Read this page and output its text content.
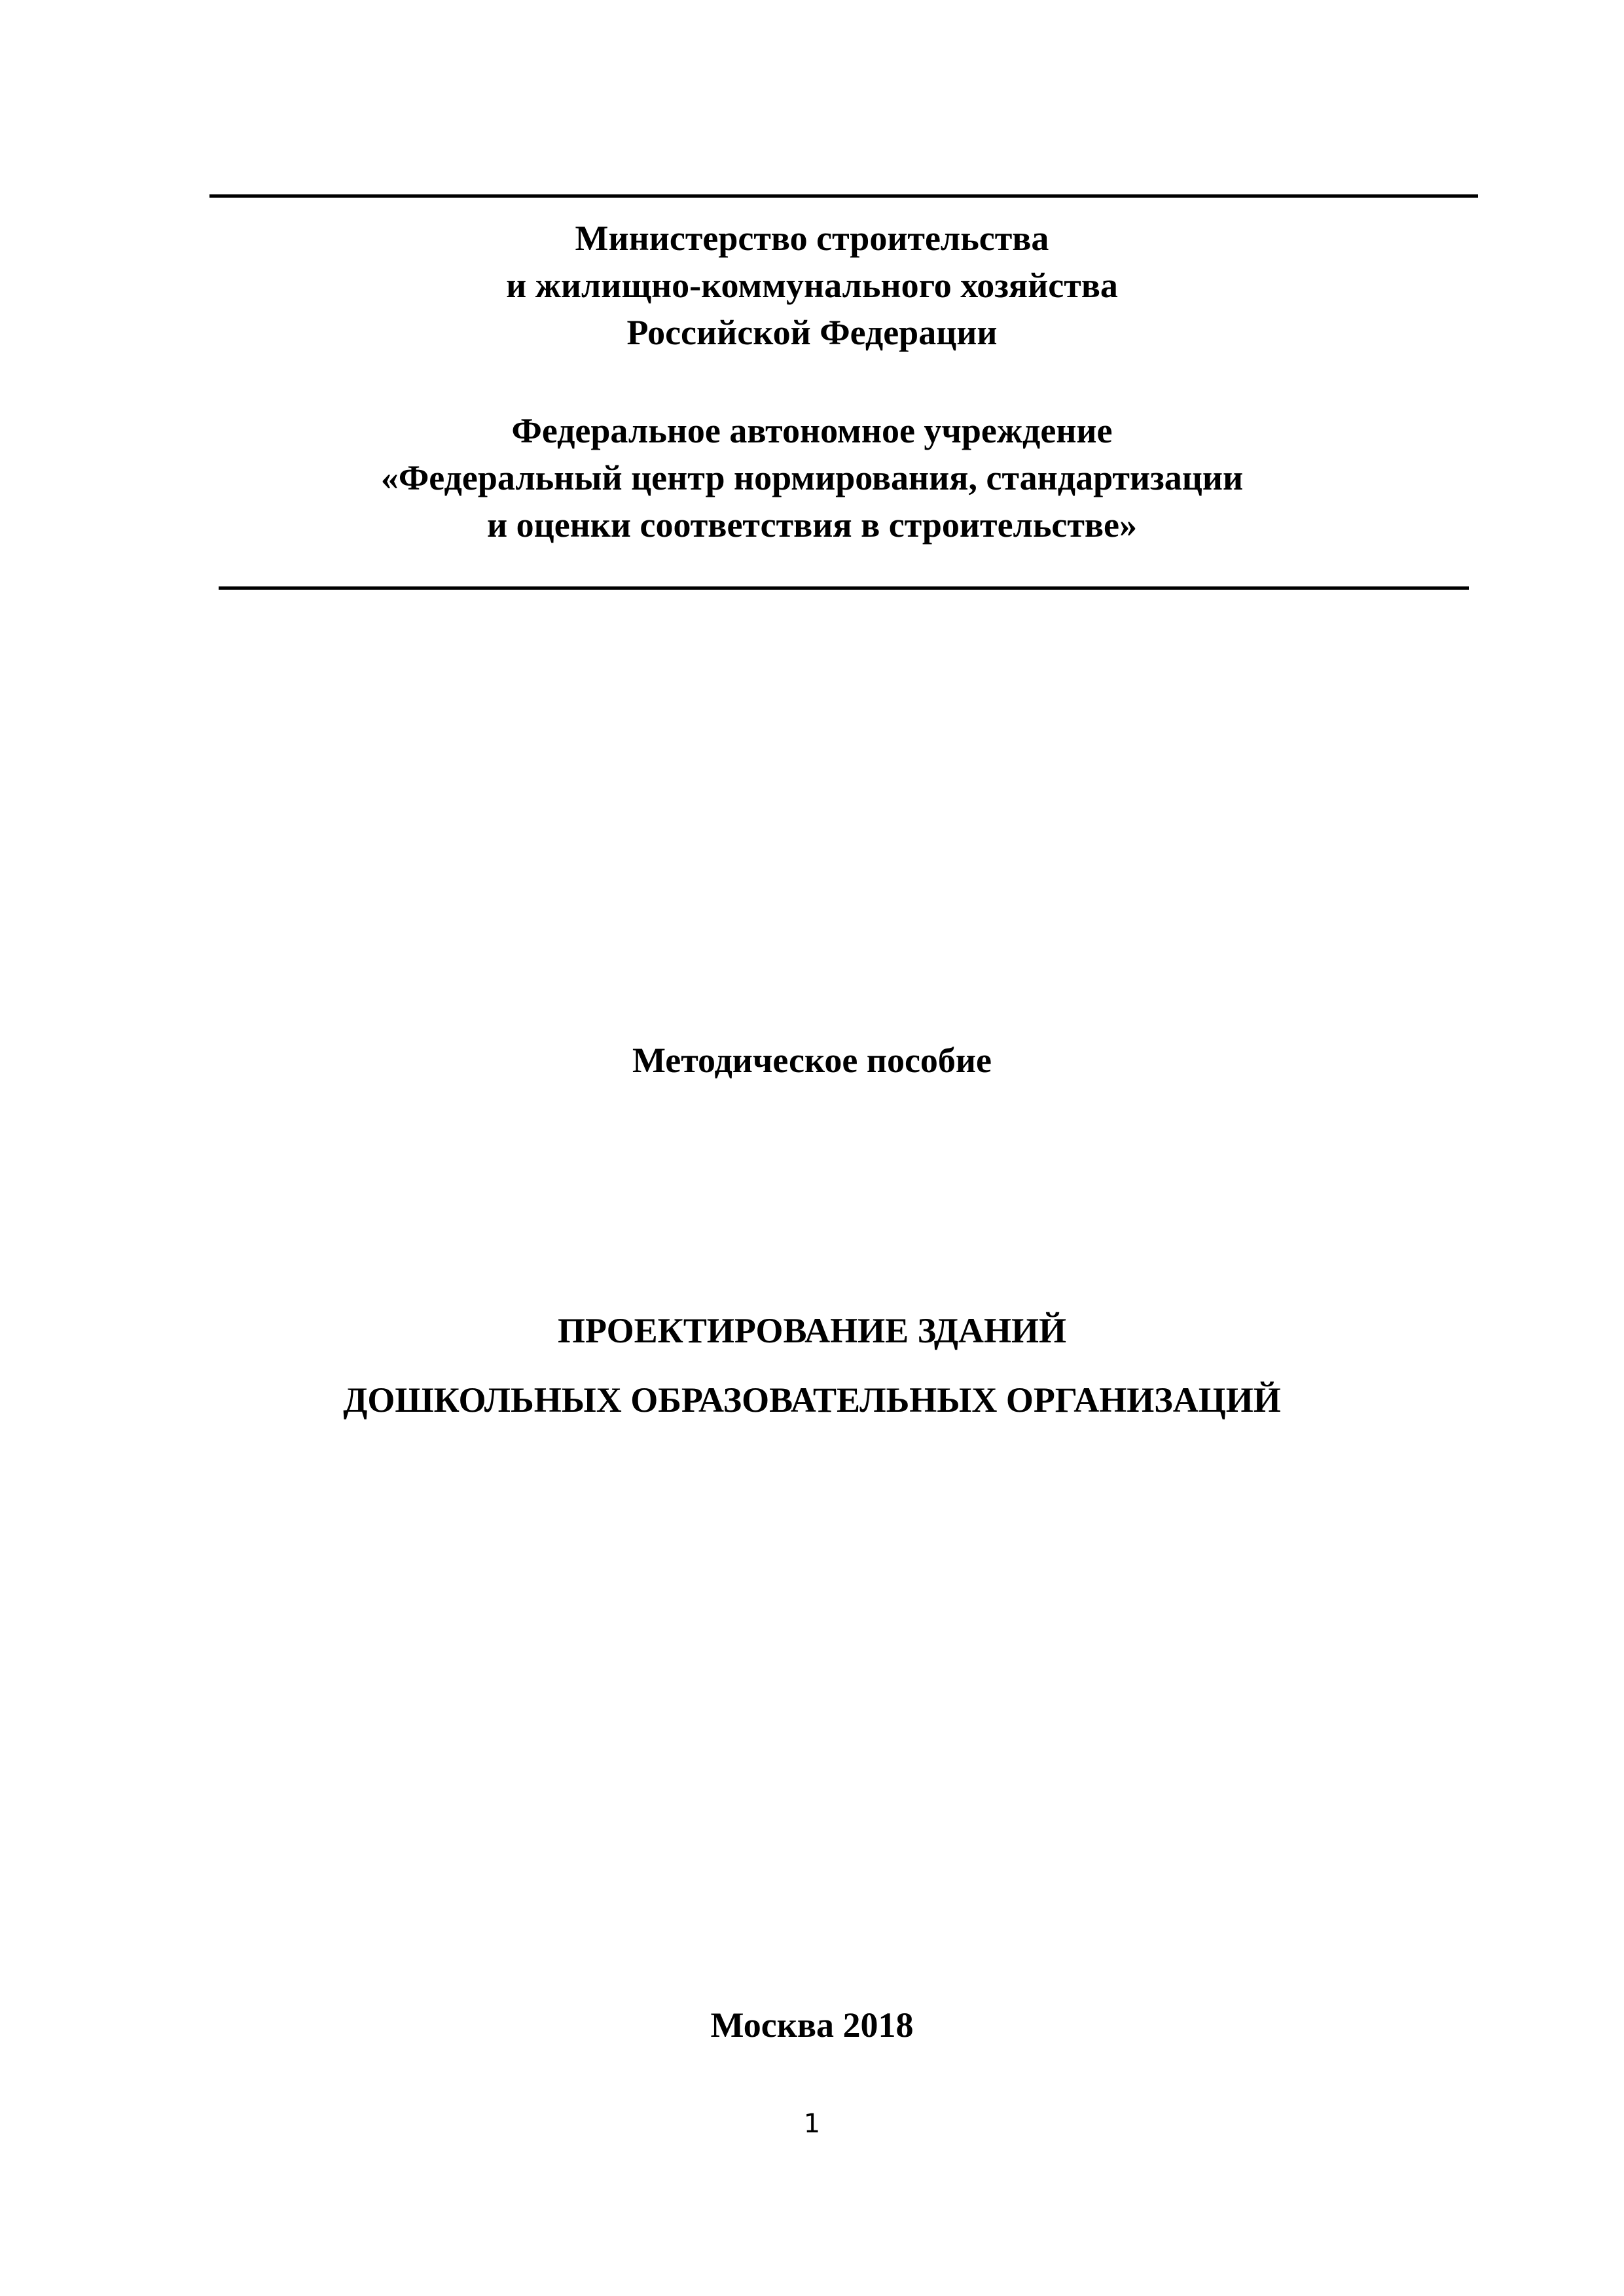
Министерство строительства
и жилищно-коммунального хозяйства
Российской Федерации
Федеральное автономное учреждение
«Федеральный центр нормирования, стандартизации
и оценки соответствия в строительстве»
Методическое пособие
ПРОЕКТИРОВАНИЕ ЗДАНИЙ
ДОШКОЛЬНЫХ ОБРАЗОВАТЕЛЬНЫХ ОРГАНИЗАЦИЙ
Москва 2018
1
